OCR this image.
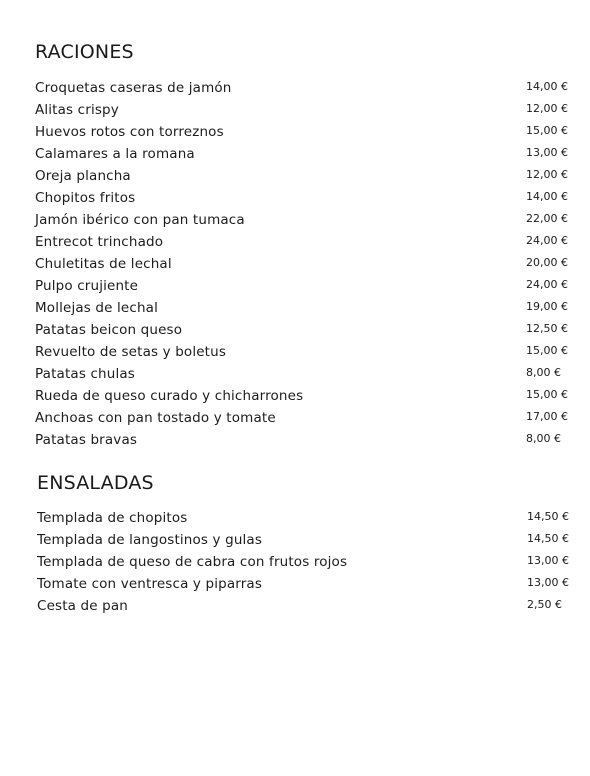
RACIONES
Croquetas caseras de jamón	14,00 €
Alitas crispy	12,00 €
Huevos rotos con torreznos	15,00 €
Calamares a la romana	13,00 €
Oreja plancha	12,00 €
Chopitos fritos	14,00 €
Jamón ibérico con pan tumaca	22,00 €
Entrecot trinchado	24,00 €
Chuletitas de lechal	20,00 €
Pulpo crujiente	24,00 €
Mollejas de lechal	19,00 €
Patatas beicon queso	12,50 €
Revuelto de setas y boletus	15,00 €
Patatas chulas	8,00 €
Rueda de queso curado y chicharrones	15,00 €
Anchoas con pan tostado y tomate	17,00 €
Patatas bravas	8,00 €
ENSALADAS
Templada de chopitos	14,50 €
Templada de langostinos y gulas	14,50 €
Templada de queso de cabra con frutos rojos	13,00 €
Tomate con ventresca y piparras	13,00 €
Cesta de pan	2,50 €
